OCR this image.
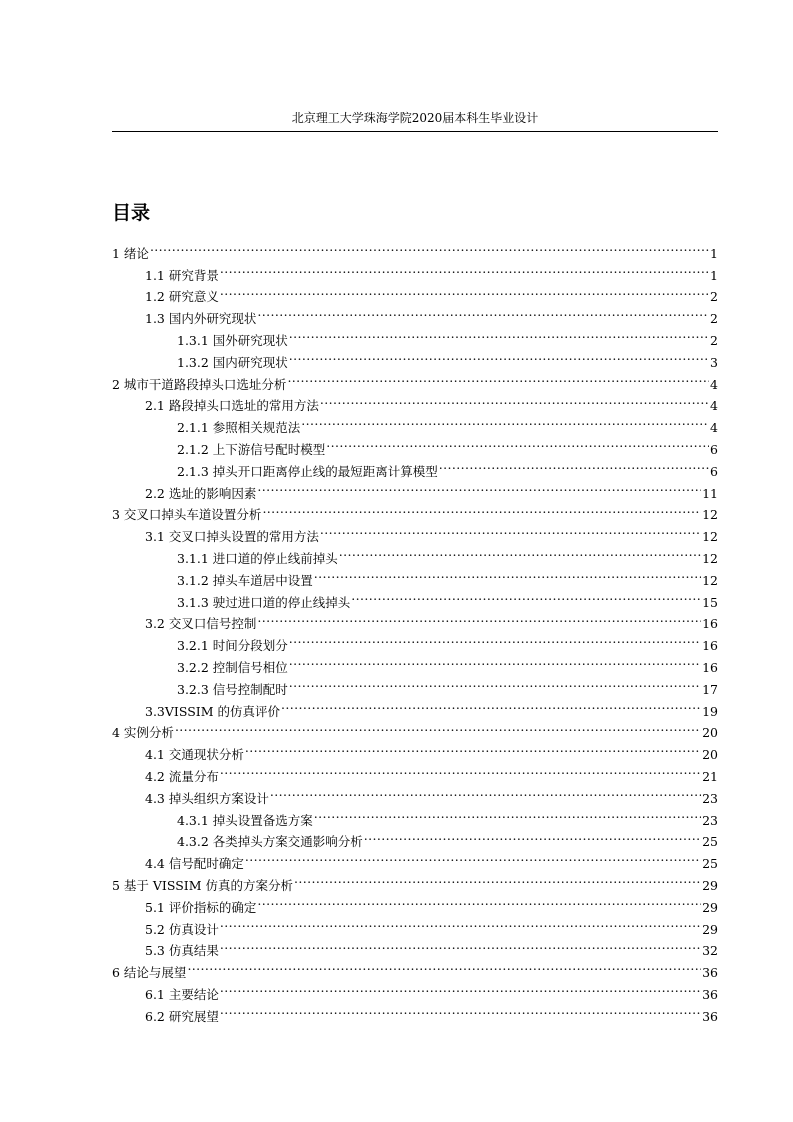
北京理工大学珠海学院2020届本科生毕业设计
目录
1 绪论 .....	1
1.1 研究背景 .....	1
1.2 研究意义 .....	2
1.3 国内外研究现状 .....	2
1.3.1 国外研究现状 .....	2
1.3.2 国内研究现状 .....	3
2 城市干道路段掉头口选址分析 .....	4
2.1 路段掉头口选址的常用方法 .....	4
2.1.1 参照相关规范法 .....	4
2.1.2 上下游信号配时模型 .....	6
2.1.3 掉头开口距离停止线的最短距离计算模型 .....	6
2.2 选址的影响因素 .....	11
3 交叉口掉头车道设置分析 .....	12
3.1 交叉口掉头设置的常用方法 .....	12
3.1.1 进口道的停止线前掉头 .....	12
3.1.2 掉头车道居中设置 .....	12
3.1.3 驶过进口道的停止线掉头 .....	15
3.2 交叉口信号控制 .....	16
3.2.1 时间分段划分 .....	16
3.2.2 控制信号相位 .....	16
3.2.3 信号控制配时 .....	17
3.3VISSIM 的仿真评价 .....	19
4 实例分析 .....	20
4.1 交通现状分析 .....	20
4.2 流量分布 .....	21
4.3 掉头组织方案设计 .....	23
4.3.1 掉头设置备选方案 .....	23
4.3.2 各类掉头方案交通影响分析 .....	25
4.4 信号配时确定 .....	25
5 基于 VISSIM 仿真的方案分析 .....	29
5.1 评价指标的确定 .....	29
5.2 仿真设计 .....	29
5.3 仿真结果 .....	32
6 结论与展望 .....	36
6.1 主要结论 .....	36
6.2 研究展望 .....	36
